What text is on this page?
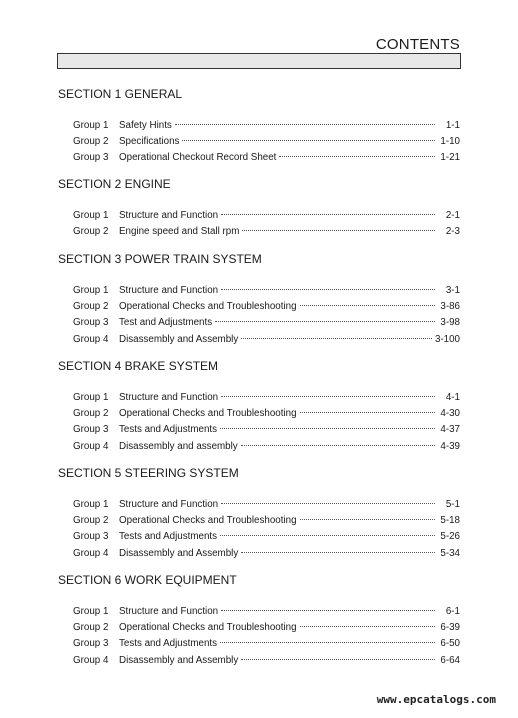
CONTENTS
SECTION 1 GENERAL
Group 1	Safety Hints	1-1
Group 2	Specifications	1-10
Group 3	Operational Checkout Record Sheet	1-21
SECTION 2 ENGINE
Group 1	Structure and Function	2-1
Group 2	Engine speed and Stall rpm	2-3
SECTION 3 POWER TRAIN SYSTEM
Group 1	Structure and Function	3-1
Group 2	Operational Checks and Troubleshooting	3-86
Group 3	Test and Adjustments	3-98
Group 4	Disassembly and Assembly	3-100
SECTION 4 BRAKE SYSTEM
Group 1	Structure and Function	4-1
Group 2	Operational Checks and Troubleshooting	4-30
Group 3	Tests and Adjustments	4-37
Group 4	Disassembly and assembly	4-39
SECTION 5 STEERING SYSTEM
Group 1	Structure and Function	5-1
Group 2	Operational Checks and Troubleshooting	5-18
Group 3	Tests and Adjustments	5-26
Group 4	Disassembly and Assembly	5-34
SECTION 6 WORK EQUIPMENT
Group 1	Structure and Function	6-1
Group 2	Operational Checks and Troubleshooting	6-39
Group 3	Tests and Adjustments	6-50
Group 4	Disassembly and Assembly	6-64
www.epcatalogs.com
